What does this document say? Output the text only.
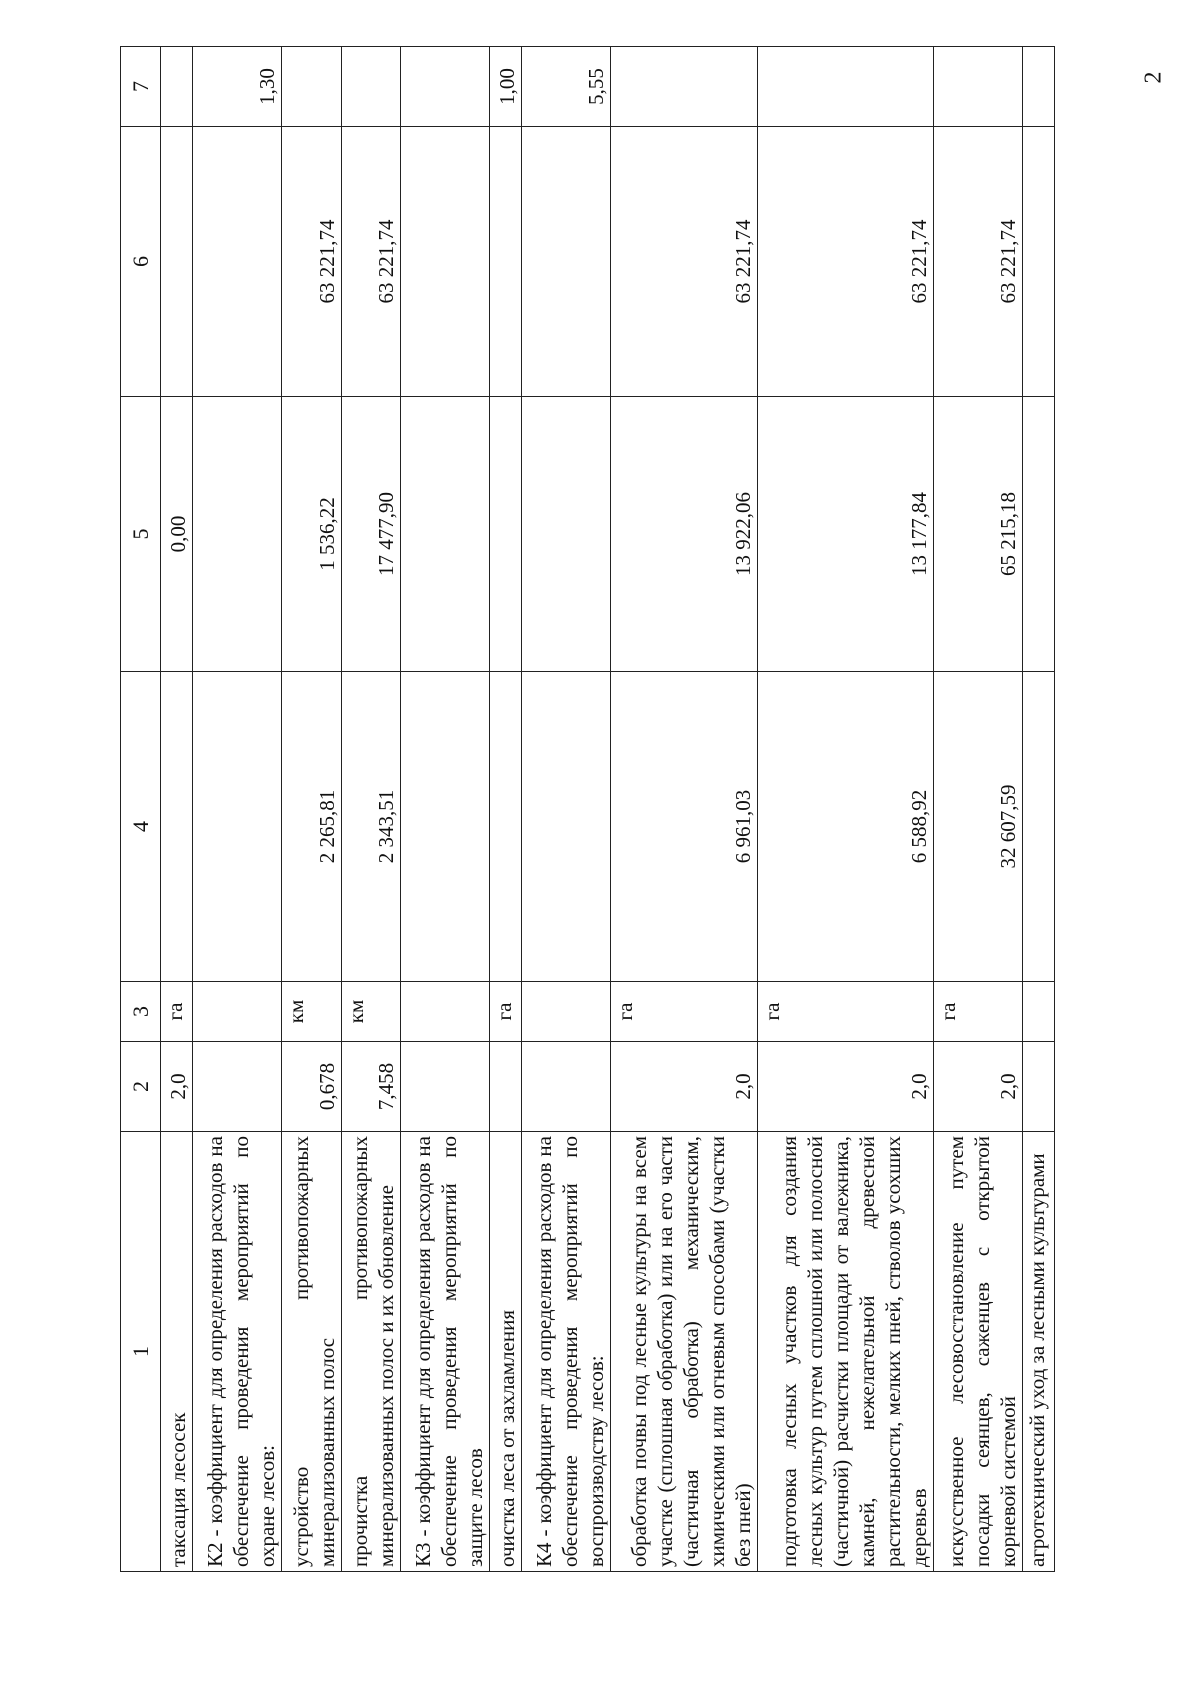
2
1	2	3	4	5	6	7
таксация лесосек	2,0	га		0,00		
К2 - коэффициент для определения расходов на обеспечение проведения мероприятий по охране лесов:						1,30
устройство противопожарных минерализованных полос	0,678	км	2 265,81	1 536,22	63 221,74	
прочистка противопожарных минерализованных полос и их обновление	7,458	км	2 343,51	17 477,90	63 221,74	
К3 - коэффициент для определения расходов на обеспечение проведения мероприятий по защите лесов						
очистка леса от захламления		га				1,00
К4 - коэффициент для определения расходов на обеспечение проведения мероприятий по воспроизводству лесов:						5,55
обработка почвы под лесные культуры на всем участке (сплошная обработка) или на его части (частичная обработка) механическим, химическими или огневым способами (участки без пней)	2,0	га	6 961,03	13 922,06	63 221,74	
подготовка лесных участков для создания лесных культур путем сплошной или полосной (частичной) расчистки площади от валежника, камней, нежелательной древесной растительности, мелких пней, стволов усохших деревьев	2,0	га	6 588,92	13 177,84	63 221,74	
искусственное лесовосстановление путем посадки сеянцев, саженцев с открытой корневой системой	2,0	га	32 607,59	65 215,18	63 221,74	
агротехнический уход за лесными культурами						
